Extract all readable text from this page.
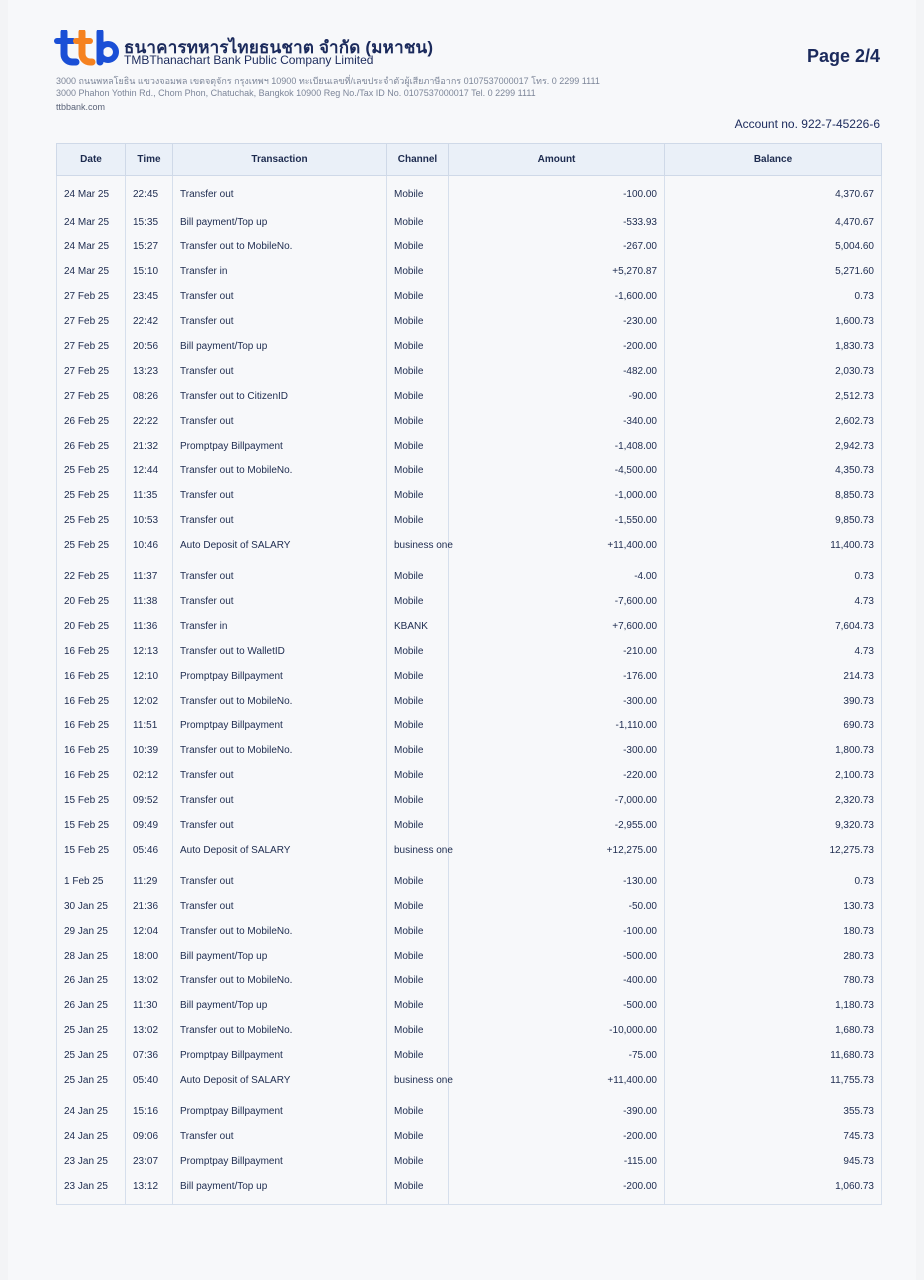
ธนาคารทหารไทยธนชาต จำกัด (มหาชน)
TMBThanachart Bank Public Company Limited
3000 ถนนพหลโยธิน แขวงจอมพล เขตจตุจักร กรุงเทพฯ 10900 ทะเบียนเลขที่/เลขประจำตัวผู้เสียภาษีอากร 0107537000017 โทร. 0 2299 1111
3000 Phahon Yothin Rd., Chom Phon, Chatuchak, Bangkok 10900 Reg No./Tax ID No. 0107537000017 Tel. 0 2299 1111
ttbbank.com
Page 2/4
Account no. 922-7-45226-6
Date	Time	Transaction	Channel	Amount	Balance
24 Mar 25	22:45	Transfer out	Mobile	-100.00	4,370.67
24 Mar 25	15:35	Bill payment/Top up	Mobile	-533.93	4,470.67
24 Mar 25	15:27	Transfer out to MobileNo.	Mobile	-267.00	5,004.60
24 Mar 25	15:10	Transfer in	Mobile	+5,270.87	5,271.60
27 Feb 25	23:45	Transfer out	Mobile	-1,600.00	0.73
27 Feb 25	22:42	Transfer out	Mobile	-230.00	1,600.73
27 Feb 25	20:56	Bill payment/Top up	Mobile	-200.00	1,830.73
27 Feb 25	13:23	Transfer out	Mobile	-482.00	2,030.73
27 Feb 25	08:26	Transfer out to CitizenID	Mobile	-90.00	2,512.73
26 Feb 25	22:22	Transfer out	Mobile	-340.00	2,602.73
26 Feb 25	21:32	Promptpay Billpayment	Mobile	-1,408.00	2,942.73
25 Feb 25	12:44	Transfer out to MobileNo.	Mobile	-4,500.00	4,350.73
25 Feb 25	11:35	Transfer out	Mobile	-1,000.00	8,850.73
25 Feb 25	10:53	Transfer out	Mobile	-1,550.00	9,850.73
25 Feb 25	10:46	Auto Deposit of SALARY	business one	+11,400.00	11,400.73
22 Feb 25	11:37	Transfer out	Mobile	-4.00	0.73
20 Feb 25	11:38	Transfer out	Mobile	-7,600.00	4.73
20 Feb 25	11:36	Transfer in	KBANK	+7,600.00	7,604.73
16 Feb 25	12:13	Transfer out to WalletID	Mobile	-210.00	4.73
16 Feb 25	12:10	Promptpay Billpayment	Mobile	-176.00	214.73
16 Feb 25	12:02	Transfer out to MobileNo.	Mobile	-300.00	390.73
16 Feb 25	11:51	Promptpay Billpayment	Mobile	-1,110.00	690.73
16 Feb 25	10:39	Transfer out to MobileNo.	Mobile	-300.00	1,800.73
16 Feb 25	02:12	Transfer out	Mobile	-220.00	2,100.73
15 Feb 25	09:52	Transfer out	Mobile	-7,000.00	2,320.73
15 Feb 25	09:49	Transfer out	Mobile	-2,955.00	9,320.73
15 Feb 25	05:46	Auto Deposit of SALARY	business one	+12,275.00	12,275.73
1 Feb 25	11:29	Transfer out	Mobile	-130.00	0.73
30 Jan 25	21:36	Transfer out	Mobile	-50.00	130.73
29 Jan 25	12:04	Transfer out to MobileNo.	Mobile	-100.00	180.73
28 Jan 25	18:00	Bill payment/Top up	Mobile	-500.00	280.73
26 Jan 25	13:02	Transfer out to MobileNo.	Mobile	-400.00	780.73
26 Jan 25	11:30	Bill payment/Top up	Mobile	-500.00	1,180.73
25 Jan 25	13:02	Transfer out to MobileNo.	Mobile	-10,000.00	1,680.73
25 Jan 25	07:36	Promptpay Billpayment	Mobile	-75.00	11,680.73
25 Jan 25	05:40	Auto Deposit of SALARY	business one	+11,400.00	11,755.73
24 Jan 25	15:16	Promptpay Billpayment	Mobile	-390.00	355.73
24 Jan 25	09:06	Transfer out	Mobile	-200.00	745.73
23 Jan 25	23:07	Promptpay Billpayment	Mobile	-115.00	945.73
23 Jan 25	13:12	Bill payment/Top up	Mobile	-200.00	1,060.73
